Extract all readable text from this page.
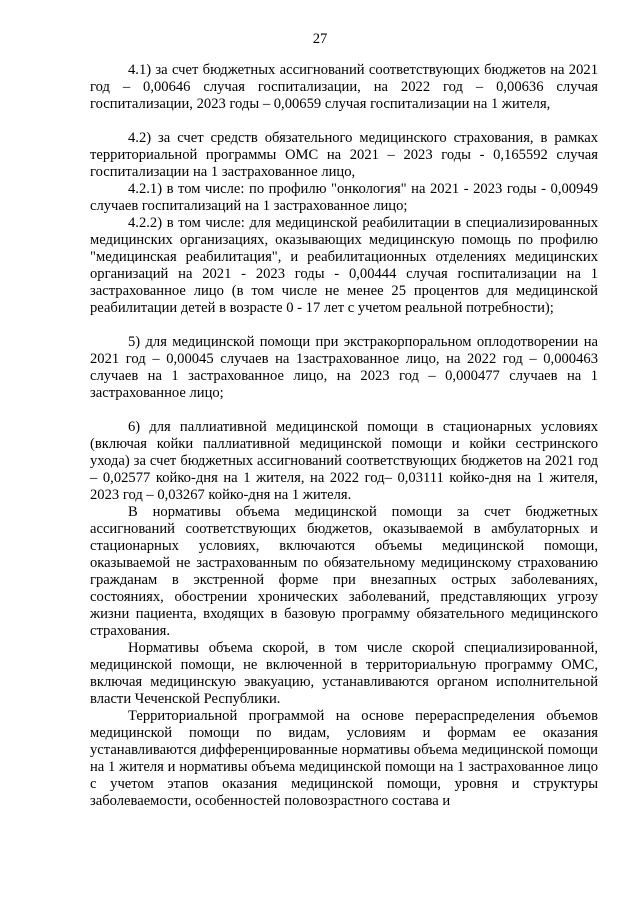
27

4.1) за счет бюджетных ассигнований соответствующих бюджетов на 2021 год – 0,00646 случая госпитализации, на 2022 год – 0,00636 случая госпитализации, 2023 годы – 0,00659 случая госпитализации на 1 жителя,

4.2) за счет средств обязательного медицинского страхования, в рамках территориальной программы ОМС на 2021 – 2023 годы - 0,165592 случая госпитализации на 1 застрахованное лицо,

4.2.1) в том числе: по профилю "онкология" на 2021 - 2023 годы - 0,00949 случаев госпитализаций на 1 застрахованное лицо;

4.2.2) в том числе: для медицинской реабилитации в специализированных медицинских организациях, оказывающих медицинскую помощь по профилю "медицинская реабилитация", и реабилитационных отделениях медицинских организаций на 2021 - 2023 годы - 0,00444 случая госпитализации на 1 застрахованное лицо (в том числе не менее 25 процентов для медицинской реабилитации детей в возрасте 0 - 17 лет с учетом реальной потребности);

5) для медицинской помощи при экстракорпоральном оплодотворении на 2021 год – 0,00045 случаев на 1застрахованное лицо, на 2022 год – 0,000463 случаев на 1 застрахованное лицо, на 2023 год – 0,000477 случаев на 1 застрахованное лицо;

6) для паллиативной медицинской помощи в стационарных условиях (включая койки паллиативной медицинской помощи и койки сестринского ухода) за счет бюджетных ассигнований соответствующих бюджетов на 2021 год – 0,02577 койко-дня на 1 жителя, на 2022 год– 0,03111 койко-дня на 1 жителя, 2023 год – 0,03267 койко-дня на 1 жителя.

В нормативы объема медицинской помощи за счет бюджетных ассигнований соответствующих бюджетов, оказываемой в амбулаторных и стационарных условиях, включаются объемы медицинской помощи, оказываемой не застрахованным по обязательному медицинскому страхованию гражданам в экстренной форме при внезапных острых заболеваниях, состояниях, обострении хронических заболеваний, представляющих угрозу жизни пациента, входящих в базовую программу обязательного медицинского страхования.

Нормативы объема скорой, в том числе скорой специализированной, медицинской помощи, не включенной в территориальную программу ОМС, включая медицинскую эвакуацию, устанавливаются органом исполнительной власти Чеченской Республики.

Территориальной программой на основе перераспределения объемов медицинской помощи по видам, условиям и формам ее оказания устанавливаются дифференцированные нормативы объема медицинской помощи на 1 жителя и нормативы объема медицинской помощи на 1 застрахованное лицо с учетом этапов оказания медицинской помощи, уровня и структуры заболеваемости, особенностей половозрастного состава и
